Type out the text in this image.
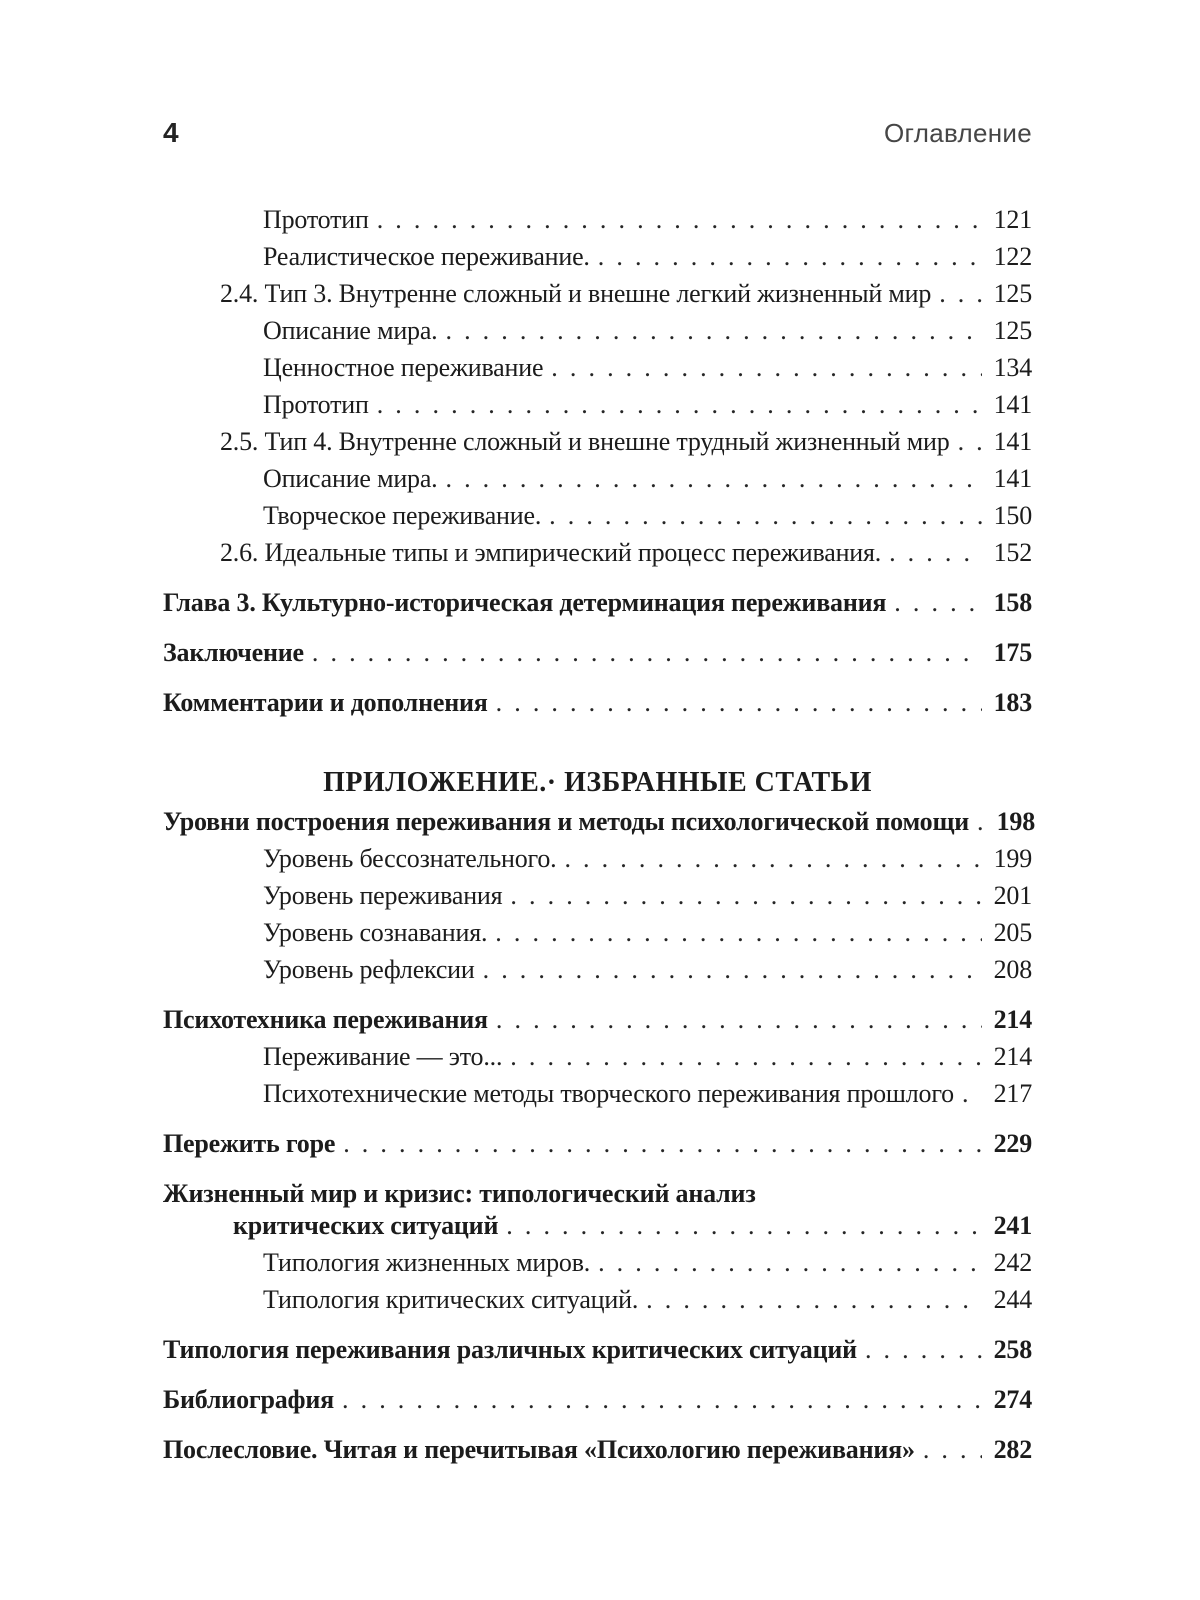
4	Оглавление
Прототип . . .	121
Реалистическое переживание. . . .	122
2.4. Тип 3. Внутренне сложный и внешне легкий жизненный мир . . .	125
Описание мира. . . .	125
Ценностное переживание . . .	134
Прототип . . .	141
2.5. Тип 4. Внутренне сложный и внешне трудный жизненный мир . . .	141
Описание мира. . . .	141
Творческое переживание. . . .	150
2.6. Идеальные типы и эмпирический процесс переживания. . . .	152
Глава 3. Культурно-историческая детерминация переживания . . .	158
Заключение . . .	175
Комментарии и дополнения . . .	183
ПРИЛОЖЕНИЕ.· ИЗБРАННЫЕ СТАТЬИ
Уровни построения переживания и методы психологической помощи . . .	198
Уровень бессознательного. . . .	199
Уровень переживания . . .	201
Уровень сознавания. . . .	205
Уровень рефлексии . . .	208
Психотехника переживания . . .	214
Переживание — это... . . .	214
Психотехнические методы творческого переживания прошлого . . .	217
Пережить горе . . .	229
Жизненный мир и кризис: типологический анализ
критических ситуаций . . .	241
Типология жизненных миров. . . .	242
Типология критических ситуаций. . . .	244
Типология переживания различных критических ситуаций . . .	258
Библиография . . .	274
Послесловие. Читая и перечитывая «Психологию переживания» . . .	282
